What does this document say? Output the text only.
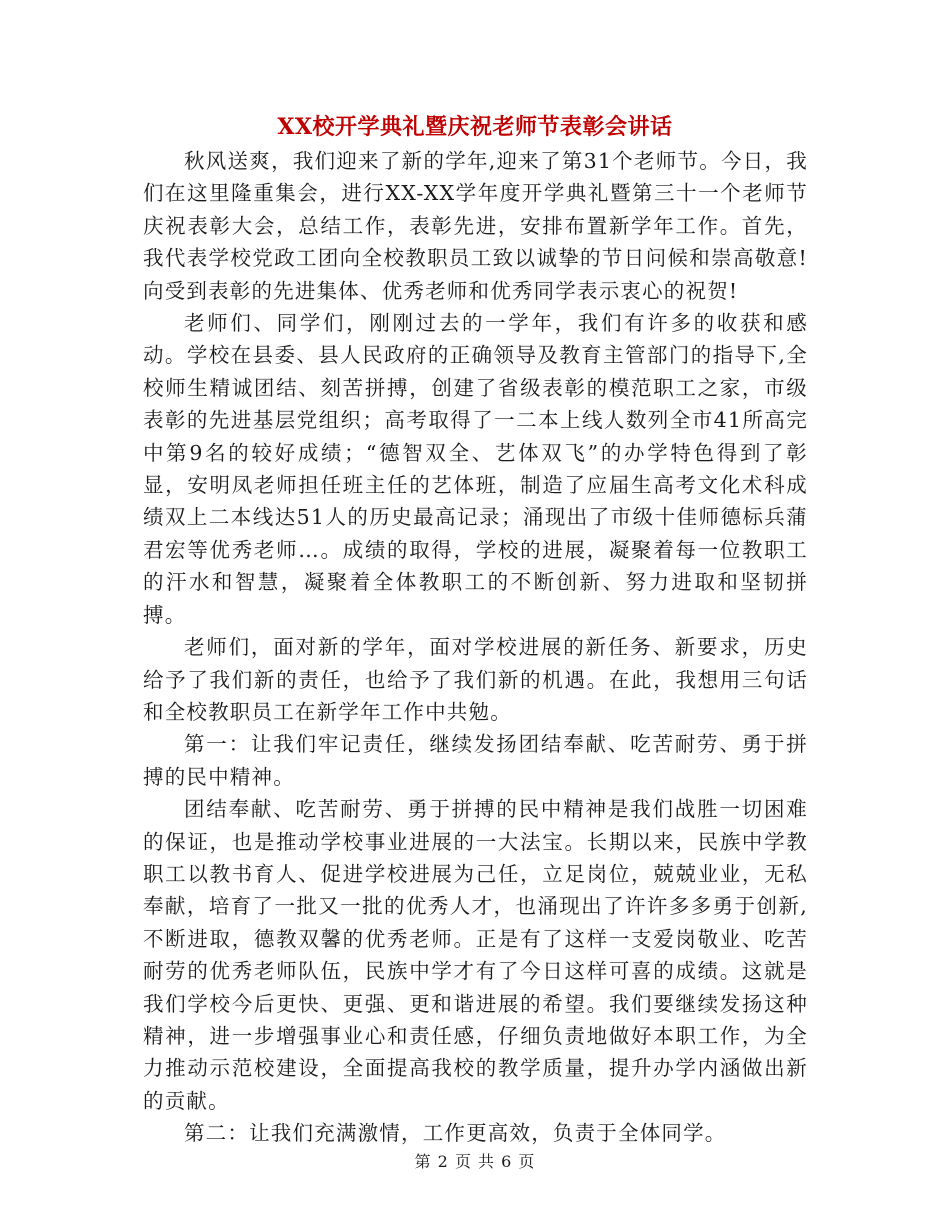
XX校开学典礼暨庆祝老师节表彰会讲话

秋风送爽，我们迎来了新的学年,迎来了第31个老师节。今日，我们在这里隆重集会，进行XX-XX学年度开学典礼暨第三十一个老师节庆祝表彰大会，总结工作，表彰先进，安排布置新学年工作。首先，我代表学校党政工团向全校教职员工致以诚挚的节日问候和崇高敬意!向受到表彰的先进集体、优秀老师和优秀同学表示衷心的祝贺!

老师们、同学们，刚刚过去的一学年，我们有许多的收获和感动。学校在县委、县人民政府的正确领导及教育主管部门的指导下,全校师生精诚团结、刻苦拼搏，创建了省级表彰的模范职工之家，市级表彰的先进基层党组织；高考取得了一二本上线人数列全市41所高完中第9名的较好成绩；“德智双全、艺体双飞”的办学特色得到了彰显，安明凤老师担任班主任的艺体班，制造了应届生高考文化术科成绩双上二本线达51人的历史最高记录；涌现出了市级十佳师德标兵蒲君宏等优秀老师…。成绩的取得，学校的进展，凝聚着每一位教职工的汗水和智慧，凝聚着全体教职工的不断创新、努力进取和坚韧拼搏。

老师们，面对新的学年，面对学校进展的新任务、新要求，历史给予了我们新的责任，也给予了我们新的机遇。在此，我想用三句话和全校教职员工在新学年工作中共勉。

第一：让我们牢记责任，继续发扬团结奉献、吃苦耐劳、勇于拼搏的民中精神。

团结奉献、吃苦耐劳、勇于拼搏的民中精神是我们战胜一切困难的保证，也是推动学校事业进展的一大法宝。长期以来，民族中学教职工以教书育人、促进学校进展为己任，立足岗位，兢兢业业，无私奉献，培育了一批又一批的优秀人才，也涌现出了许许多多勇于创新,不断进取，德教双馨的优秀老师。正是有了这样一支爱岗敬业、吃苦耐劳的优秀老师队伍，民族中学才有了今日这样可喜的成绩。这就是我们学校今后更快、更强、更和谐进展的希望。我们要继续发扬这种精神，进一步增强事业心和责任感，仔细负责地做好本职工作，为全力推动示范校建设，全面提高我校的教学质量，提升办学内涵做出新的贡献。

第二：让我们充满激情，工作更高效，负责于全体同学。

第 2 页 共 6 页
